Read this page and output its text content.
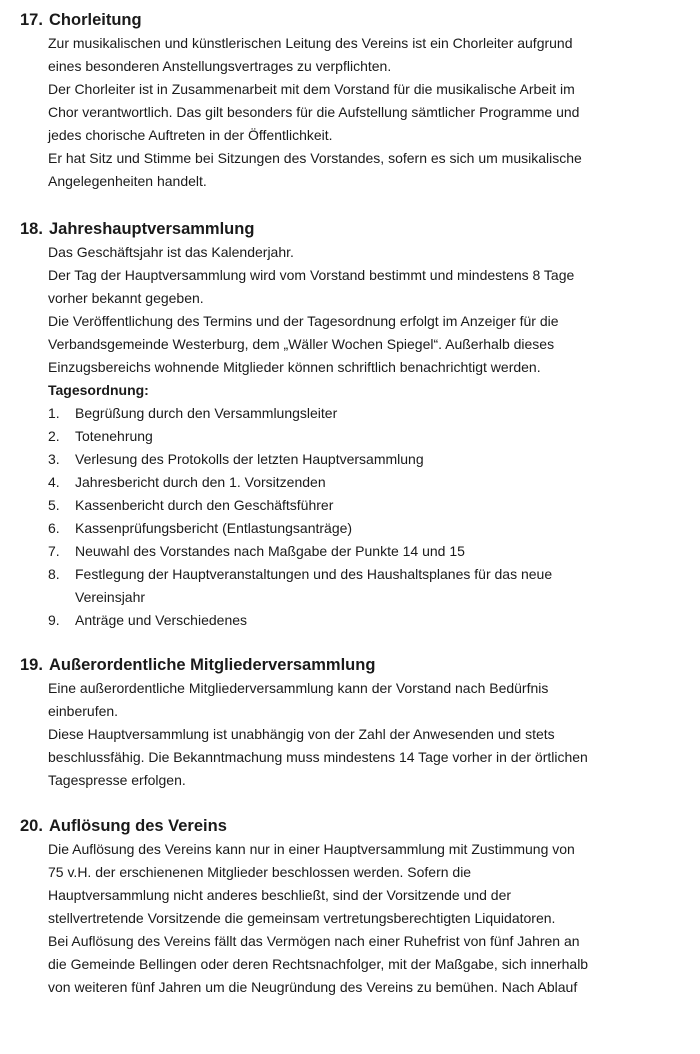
17. Chorleitung
Zur musikalischen und künstlerischen Leitung des Vereins ist ein Chorleiter aufgrund
eines besonderen Anstellungsvertrages zu verpflichten.
Der Chorleiter ist in Zusammenarbeit mit dem Vorstand für die musikalische Arbeit im
Chor verantwortlich. Das gilt besonders für die Aufstellung sämtlicher Programme und
jedes chorische Auftreten in der Öffentlichkeit.
Er hat Sitz und Stimme bei Sitzungen des Vorstandes, sofern es sich um musikalische
Angelegenheiten handelt.
18. Jahreshauptversammlung
Das Geschäftsjahr ist das Kalenderjahr.
Der Tag der Hauptversammlung wird vom Vorstand bestimmt und mindestens 8 Tage
vorher bekannt gegeben.
Die Veröffentlichung des Termins und der Tagesordnung erfolgt im Anzeiger für die
Verbandsgemeinde Westerburg, dem „Wäller Wochen Spiegel“. Außerhalb dieses
Einzugsbereichs wohnende Mitglieder können schriftlich benachrichtigt werden.
Tagesordnung:
1.	Begrüßung durch den Versammlungsleiter
2.	Totenehrung
3.	Verlesung des Protokolls der letzten Hauptversammlung
4.	Jahresbericht durch den 1. Vorsitzenden
5.	Kassenbericht durch den Geschäftsführer
6.	Kassenprüfungsbericht (Entlastungsanträge)
7.	Neuwahl des Vorstandes nach Maßgabe der Punkte 14 und 15
8.	Festlegung der Hauptveranstaltungen und des Haushaltsplanes für das neue
Vereinsjahr
9.	Anträge und Verschiedenes
19. Außerordentliche Mitgliederversammlung
Eine außerordentliche Mitgliederversammlung kann der Vorstand nach Bedürfnis
einberufen.
Diese Hauptversammlung ist unabhängig von der Zahl der Anwesenden und stets
beschlussfähig. Die Bekanntmachung muss mindestens 14 Tage vorher in der örtlichen
Tagespresse erfolgen.
20. Auflösung des Vereins
Die Auflösung des Vereins kann nur in einer Hauptversammlung mit Zustimmung von
75 v.H. der erschienenen Mitglieder beschlossen werden. Sofern die
Hauptversammlung nicht anderes beschließt, sind der Vorsitzende und der
stellvertretende Vorsitzende die gemeinsam vertretungsberechtigten Liquidatoren.
Bei Auflösung des Vereins fällt das Vermögen nach einer Ruhefrist von fünf Jahren an
die Gemeinde Bellingen oder deren Rechtsnachfolger, mit der Maßgabe, sich innerhalb
von weiteren fünf Jahren um die Neugründung des Vereins zu bemühen. Nach Ablauf
